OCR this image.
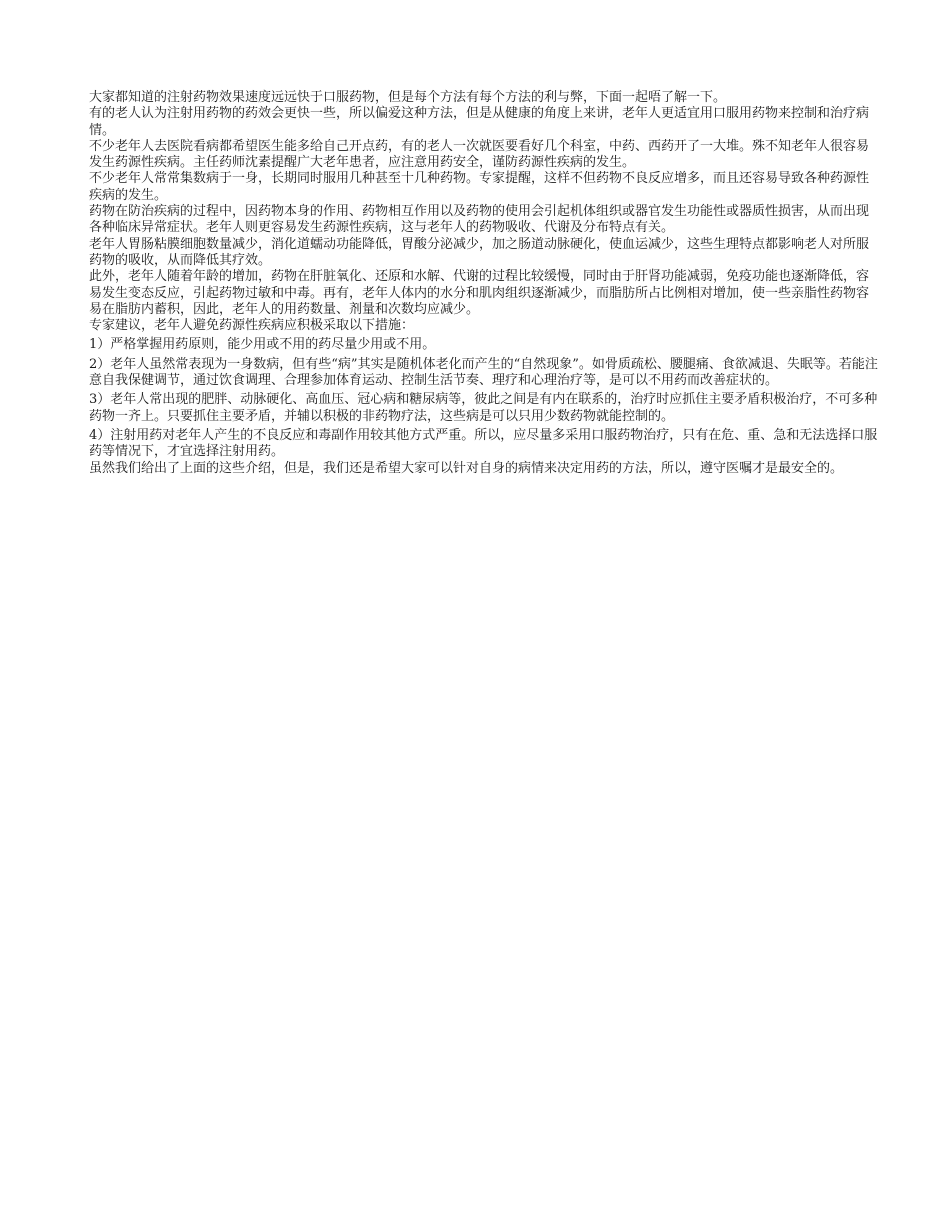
大家都知道的注射药物效果速度远远快于口服药物，但是每个方法有每个方法的利与弊，下面一起唔了解一下。

有的老人认为注射用药物的药效会更快一些，所以偏爱这种方法，但是从健康的角度上来讲，老年人更适宜用口服用药物来控制和治疗病情。

不少老年人去医院看病都希望医生能多给自己开点药，有的老人一次就医要看好几个科室，中药、西药开了一大堆。殊不知老年人很容易发生药源性疾病。主任药师沈素提醒广大老年患者，应注意用药安全，谨防药源性疾病的发生。

不少老年人常常集数病于一身，长期同时服用几种甚至十几种药物。专家提醒，这样不但药物不良反应增多，而且还容易导致各种药源性疾病的发生。

药物在防治疾病的过程中，因药物本身的作用、药物相互作用以及药物的使用会引起机体组织或器官发生功能性或器质性损害，从而出现各种临床异常症状。老年人则更容易发生药源性疾病，这与老年人的药物吸收、代谢及分布特点有关。

老年人胃肠粘膜细胞数量减少，消化道蠕动功能降低，胃酸分泌减少，加之肠道动脉硬化，使血运减少，这些生理特点都影响老人对所服药物的吸收，从而降低其疗效。

此外，老年人随着年龄的增加，药物在肝脏氧化、还原和水解、代谢的过程比较缓慢，同时由于肝肾功能减弱，免疫功能也逐渐降低，容易发生变态反应，引起药物过敏和中毒。再有，老年人体内的水分和肌肉组织逐渐减少，而脂肪所占比例相对增加，使一些亲脂性药物容易在脂肪内蓄积，因此，老年人的用药数量、剂量和次数均应减少。

专家建议，老年人避免药源性疾病应积极采取以下措施：

1）严格掌握用药原则，能少用或不用的药尽量少用或不用。

2）老年人虽然常表现为一身数病，但有些“病”其实是随机体老化而产生的“自然现象”。如骨质疏松、腰腿痛、食欲减退、失眠等。若能注意自我保健调节，通过饮食调理、合理参加体育运动、控制生活节奏、理疗和心理治疗等，是可以不用药而改善症状的。

3）老年人常出现的肥胖、动脉硬化、高血压、冠心病和糖尿病等，彼此之间是有内在联系的，治疗时应抓住主要矛盾积极治疗，不可多种药物一齐上。只要抓住主要矛盾，并辅以积极的非药物疗法，这些病是可以只用少数药物就能控制的。

4）注射用药对老年人产生的不良反应和毒副作用较其他方式严重。所以，应尽量多采用口服药物治疗，只有在危、重、急和无法选择口服药等情况下，才宜选择注射用药。

虽然我们给出了上面的这些介绍，但是，我们还是希望大家可以针对自身的病情来决定用药的方法，所以，遵守医嘱才是最安全的。
